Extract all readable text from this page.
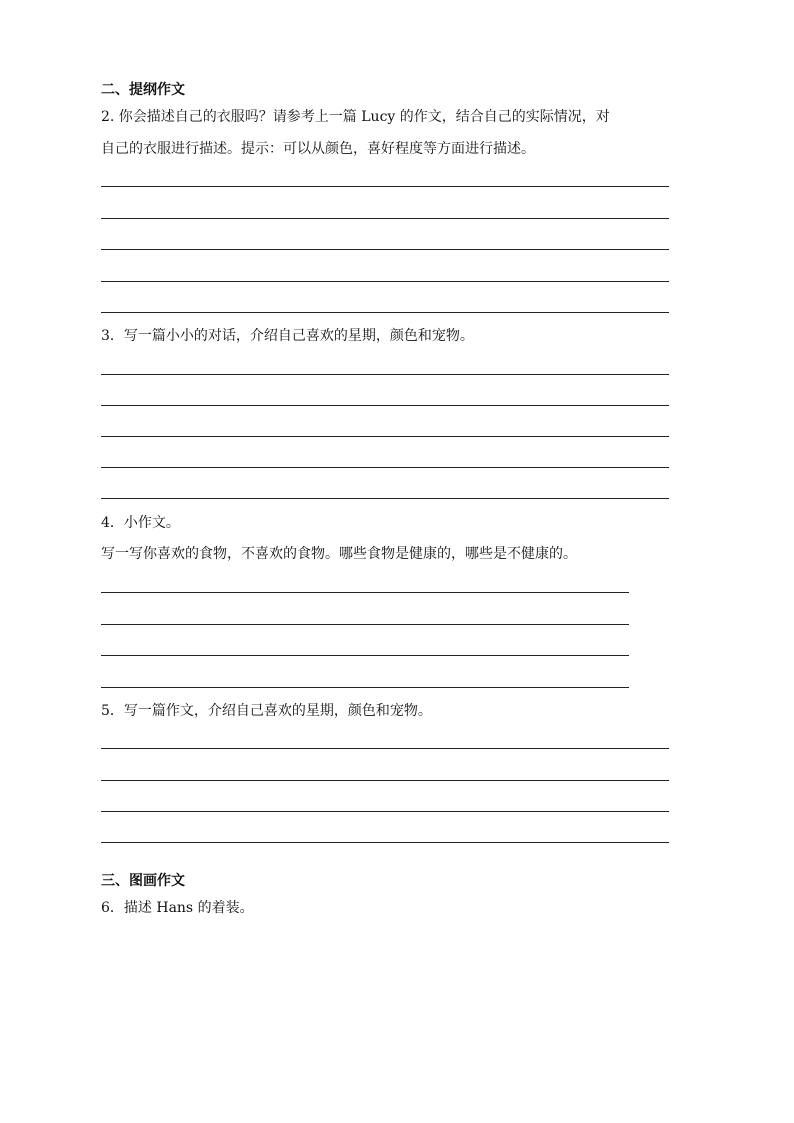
二、提纲作文
2. 你会描述自己的衣服吗？请参考上一篇 Lucy 的作文，结合自己的实际情况，对
自己的衣服进行描述。提示：可以从颜色，喜好程度等方面进行描述。
3．写一篇小小的对话，介绍自己喜欢的星期，颜色和宠物。
4．小作文。
写一写你喜欢的食物，不喜欢的食物。哪些食物是健康的，哪些是不健康的。
5．写一篇作文，介绍自己喜欢的星期，颜色和宠物。
三、图画作文
6．描述 Hans 的着装。
